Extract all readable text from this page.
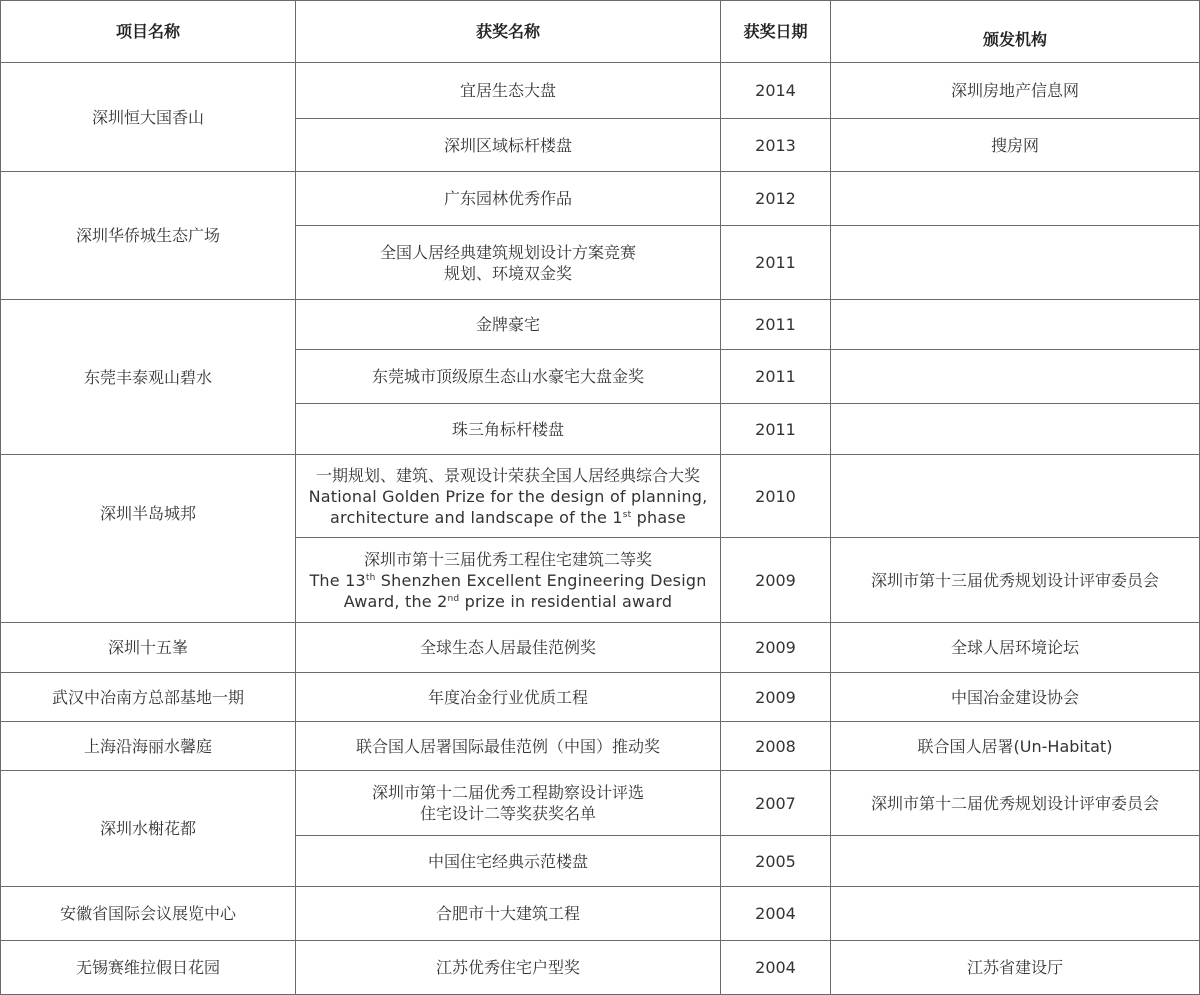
项目名称	获奖名称	获奖日期	颁发机构
深圳恒大国香山	宜居生态大盘	2014	深圳房地产信息网
	深圳区域标杆楼盘	2013	搜房网
深圳华侨城生态广场	广东园林优秀作品	2012	

	全国人居经典建筑规划设计方案竞赛
规划、环境双金奖	2011	
东莞丰泰观山碧水	金牌豪宅	2011	
	东莞城市顶级原生态山水豪宅大盘金奖	2011	
	珠三角标杆楼盘	2011	
深圳半岛城邦	一期规划、建筑、景观设计荣获全国人居经典综合大奖
National Golden Prize for the design of planning,
architecture and landscape of the 1st phase	2010	

	深圳市第十三届优秀工程住宅建筑二等奖
The 13th Shenzhen Excellent Engineering Design
Award, the 2nd prize in residential award	2009	深圳市第十三届优秀规划设计评审委员会
深圳十五峯	全球生态人居最佳范例奖	2009	全球人居环境论坛
武汉中冶南方总部基地一期	年度冶金行业优质工程	2009	中国冶金建设协会
上海沿海丽水馨庭	联合国人居署国际最佳范例（中国）推动奖	2008	联合国人居署(Un-Habitat)
深圳水榭花都	深圳市第十二届优秀工程勘察设计评选
住宅设计二等奖获奖名单	2007	深圳市第十二届优秀规划设计评审委员会
	中国住宅经典示范楼盘	2005	
安徽省国际会议展览中心	合肥市十大建筑工程	2004	
无锡赛维拉假日花园	江苏优秀住宅户型奖	2004	江苏省建设厅
